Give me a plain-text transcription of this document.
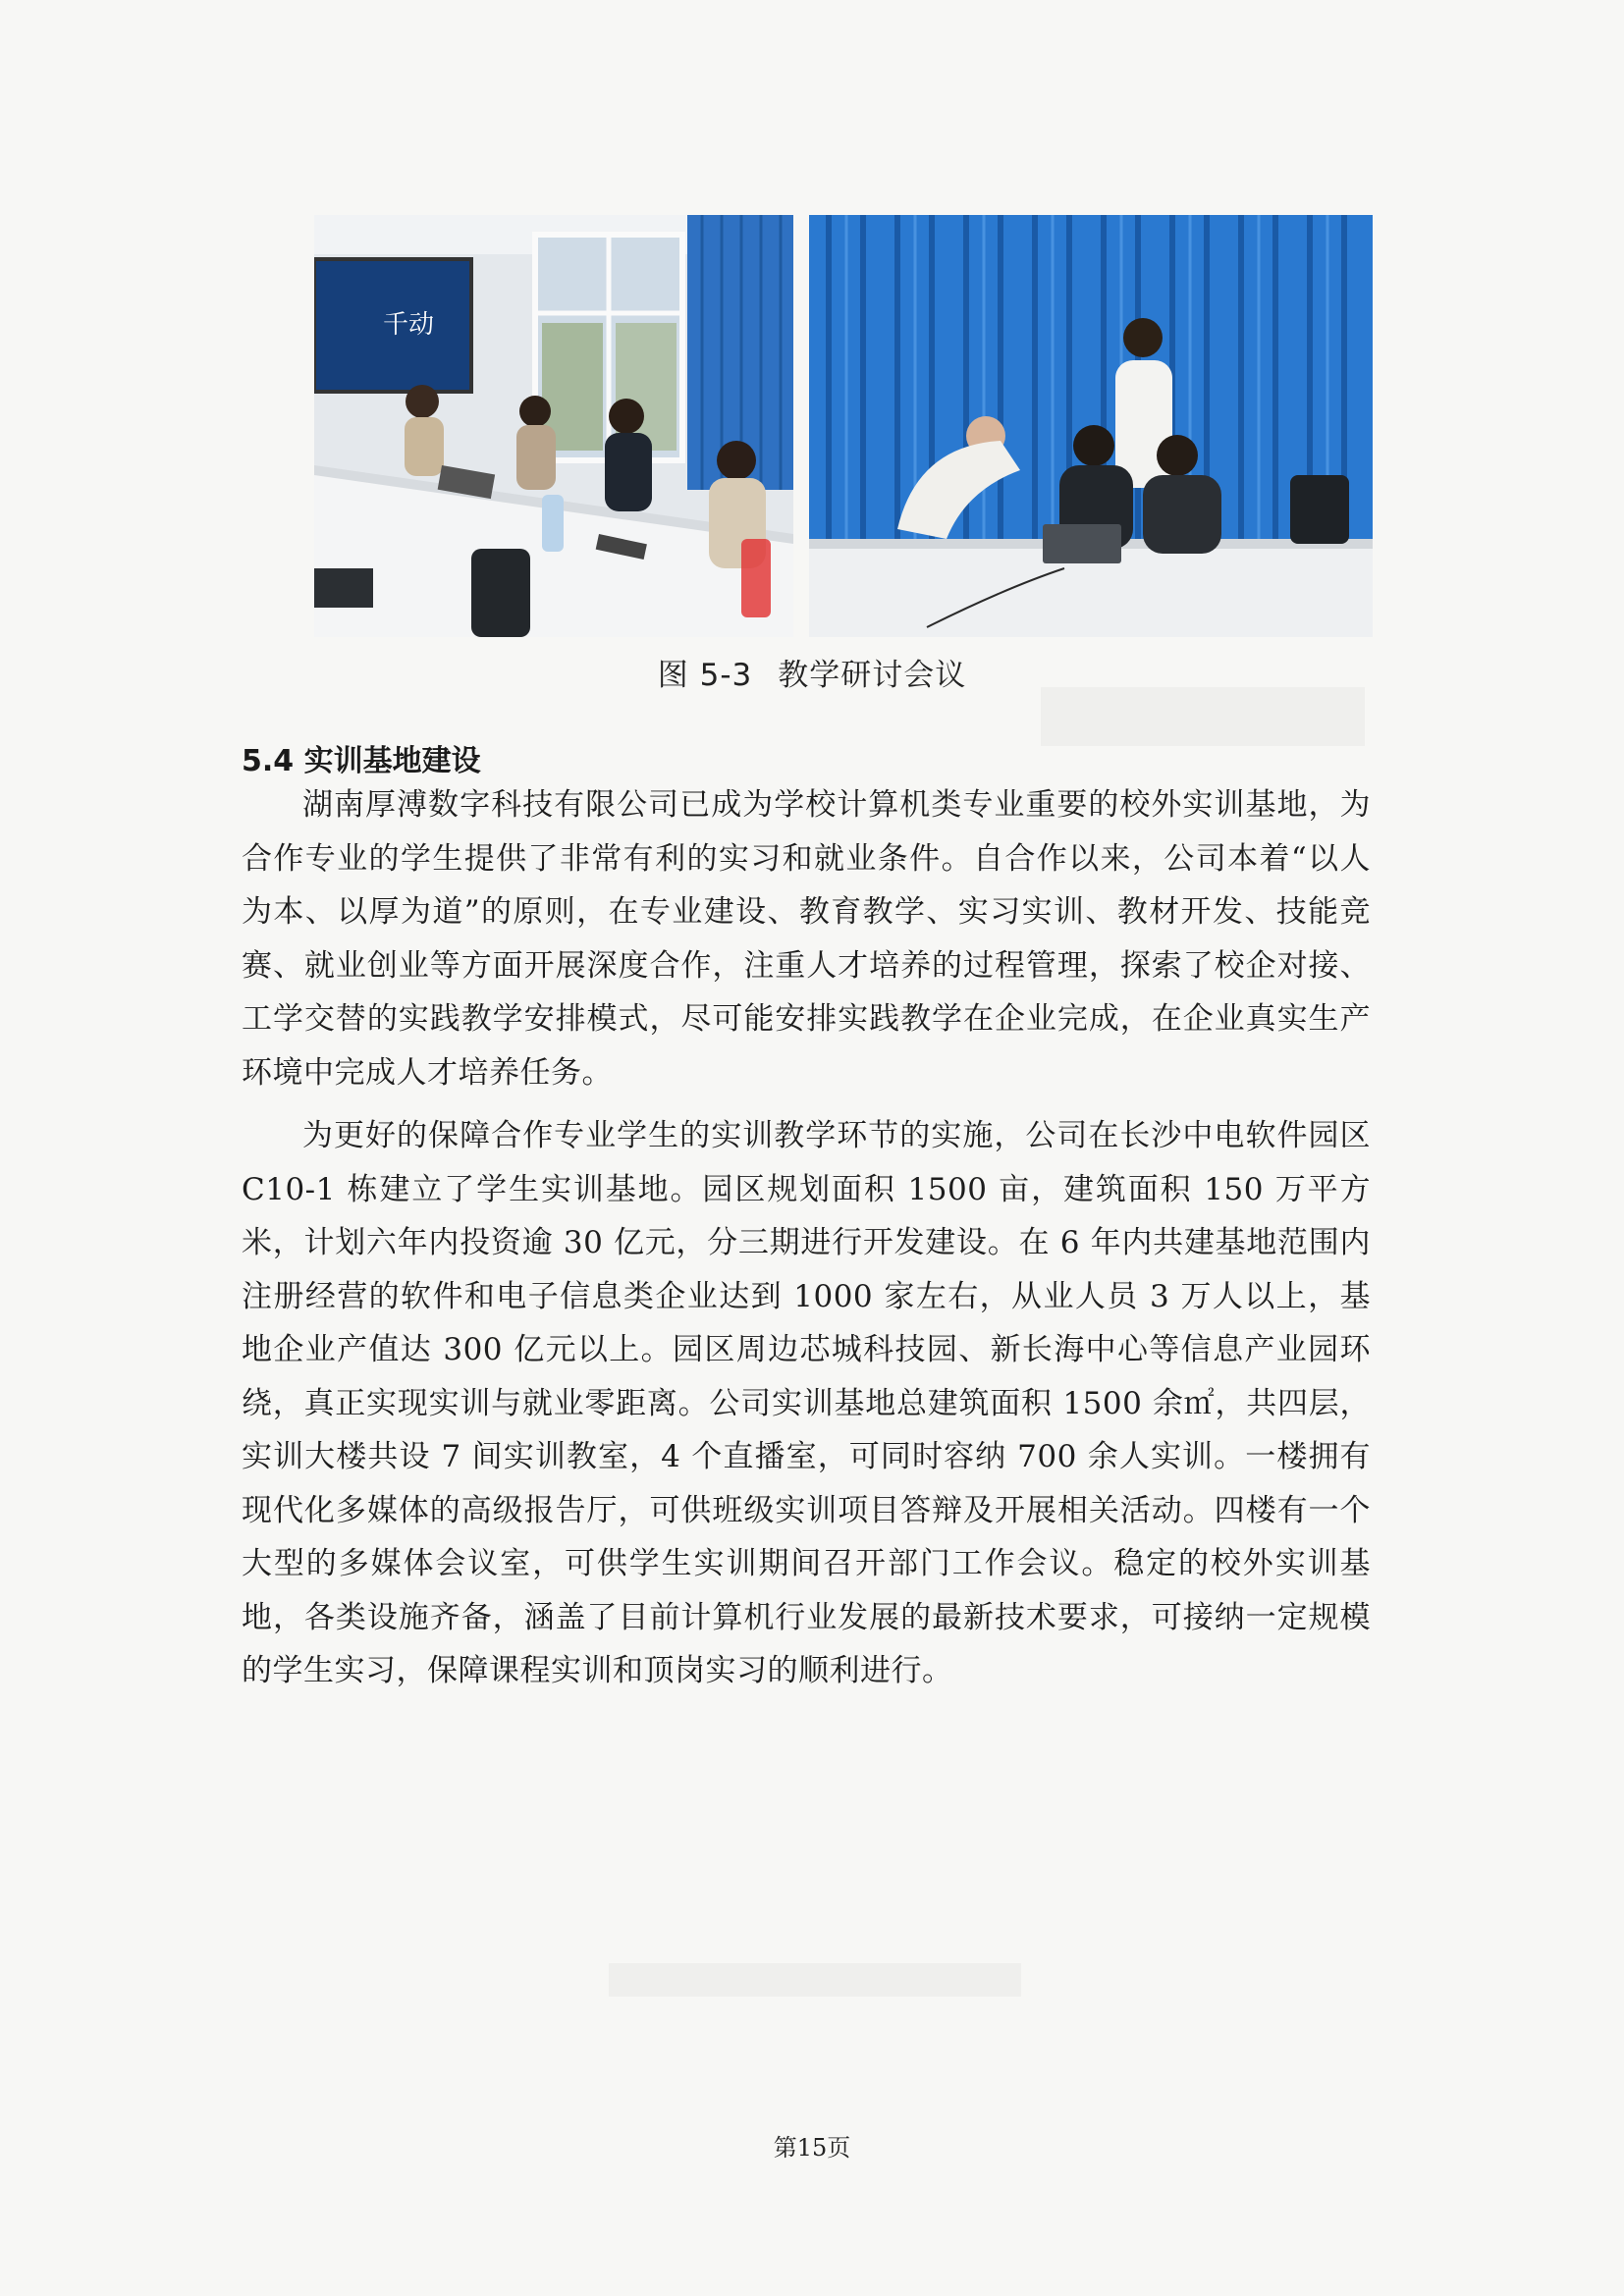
千动
图 5-3 教学研讨会议
5.4 实训基地建设

湖南厚溥数字科技有限公司已成为学校计算机类专业重要的校外实训基地，为合作专业的学生提供了非常有利的实习和就业条件。自合作以来，公司本着“以人为本、以厚为道”的原则，在专业建设、教育教学、实习实训、教材开发、技能竞赛、就业创业等方面开展深度合作，注重人才培养的过程管理，探索了校企对接、工学交替的实践教学安排模式，尽可能安排实践教学在企业完成，在企业真实生产环境中完成人才培养任务。

为更好的保障合作专业学生的实训教学环节的实施，公司在长沙中电软件园区 C10-1 栋建立了学生实训基地。园区规划面积 1500 亩，建筑面积 150 万平方米，计划六年内投资逾 30 亿元，分三期进行开发建设。在 6 年内共建基地范围内注册经营的软件和电子信息类企业达到 1000 家左右，从业人员 3 万人以上，基地企业产值达 300 亿元以上。园区周边芯城科技园、新长海中心等信息产业园环绕，真正实现实训与就业零距离。公司实训基地总建筑面积 1500 余㎡，共四层，实训大楼共设 7 间实训教室，4 个直播室，可同时容纳 700 余人实训。一楼拥有现代化多媒体的高级报告厅，可供班级实训项目答辩及开展相关活动。四楼有一个大型的多媒体会议室，可供学生实训期间召开部门工作会议。稳定的校外实训基地，各类设施齐备，涵盖了目前计算机行业发展的最新技术要求，可接纳一定规模的学生实习，保障课程实训和顶岗实习的顺利进行。

第15页
